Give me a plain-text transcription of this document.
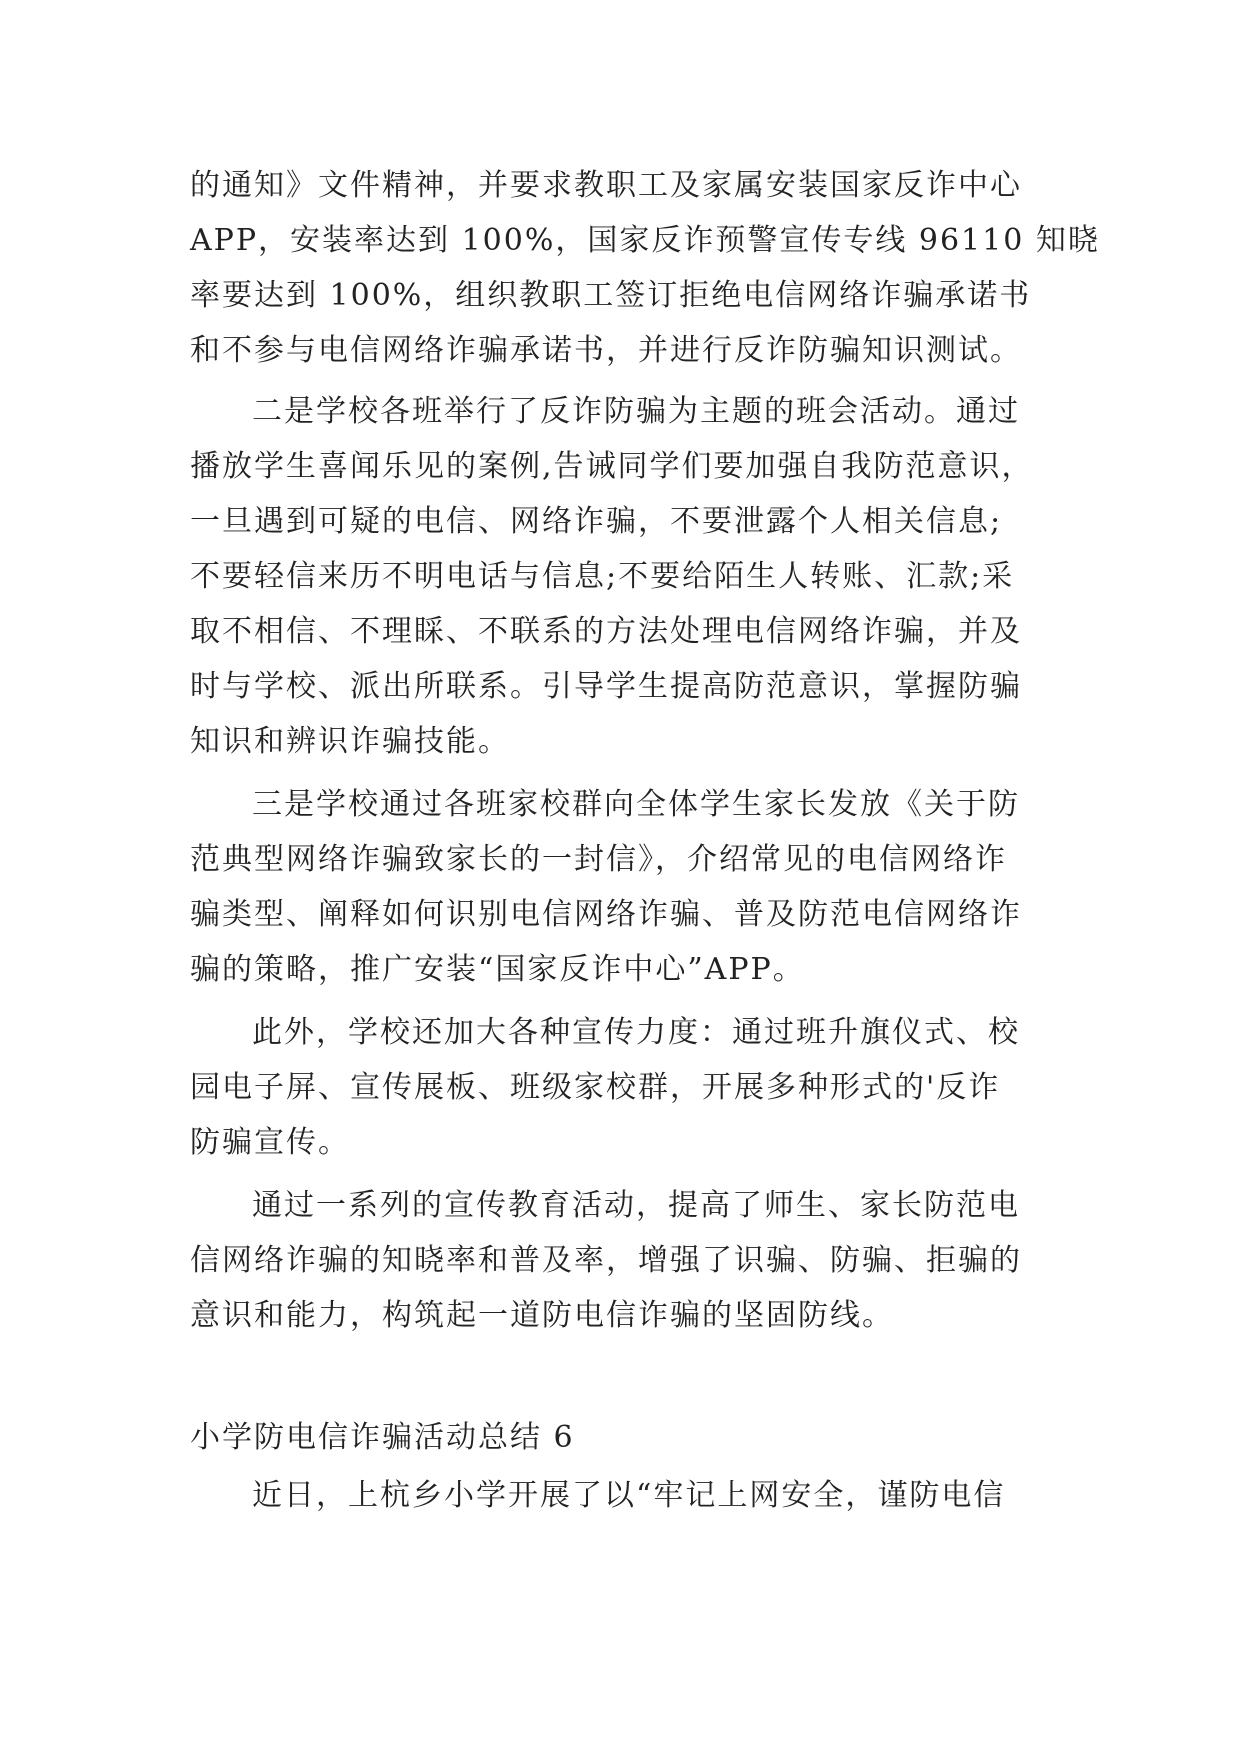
的通知》文件精神，并要求教职工及家属安装国家反诈中心
APP，安装率达到 100%，国家反诈预警宣传专线 96110 知晓
率要达到 100%，组织教职工签订拒绝电信网络诈骗承诺书
和不参与电信网络诈骗承诺书，并进行反诈防骗知识测试。
二是学校各班举行了反诈防骗为主题的班会活动。通过
播放学生喜闻乐见的案例,告诫同学们要加强自我防范意识，
一旦遇到可疑的电信、网络诈骗，不要泄露个人相关信息;
不要轻信来历不明电话与信息;不要给陌生人转账、汇款;采
取不相信、不理睬、不联系的方法处理电信网络诈骗，并及
时与学校、派出所联系。引导学生提高防范意识，掌握防骗
知识和辨识诈骗技能。
三是学校通过各班家校群向全体学生家长发放《关于防
范典型网络诈骗致家长的一封信》，介绍常见的电信网络诈
骗类型、阐释如何识别电信网络诈骗、普及防范电信网络诈
骗的策略，推广安装“国家反诈中心”APP。
此外，学校还加大各种宣传力度：通过班升旗仪式、校
园电子屏、宣传展板、班级家校群，开展多种形式的'反诈
防骗宣传。
通过一系列的宣传教育活动，提高了师生、家长防范电
信网络诈骗的知晓率和普及率，增强了识骗、防骗、拒骗的
意识和能力，构筑起一道防电信诈骗的坚固防线。
小学防电信诈骗活动总结 6
近日，上杭乡小学开展了以“牢记上网安全，谨防电信
